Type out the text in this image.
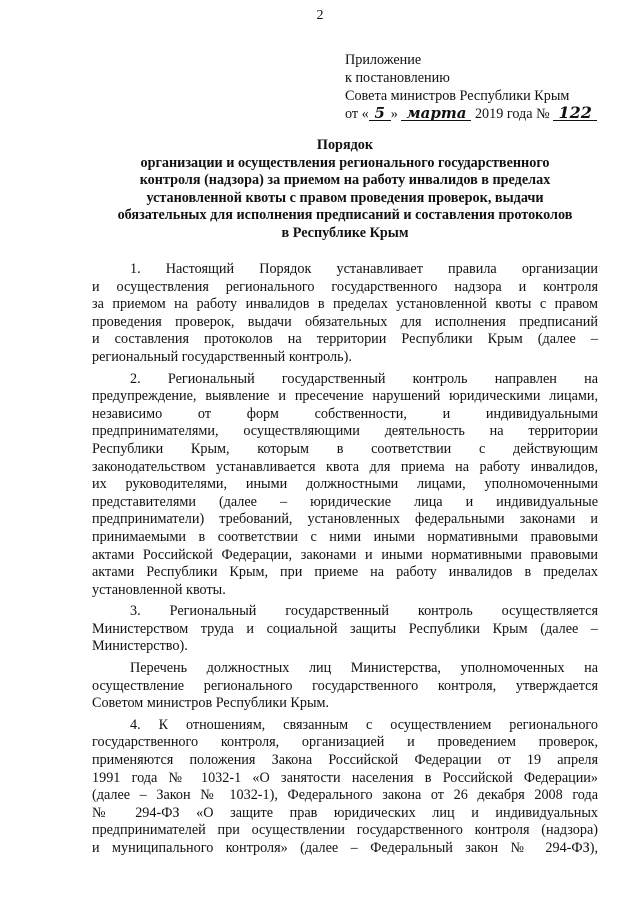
2
Приложение
к постановлению
Совета министров Республики Крым
от « 5 » марта 2019 года № 122
Порядок
организации и осуществления регионального государственного
контроля (надзора) за приемом на работу инвалидов в пределах
установленной квоты с правом проведения проверок, выдачи
обязательных для исполнения предписаний и составления протоколов
в Республике Крым
1. Настоящий Порядок устанавливает правила организации
и осуществления регионального государственного надзора и контроля
за приемом на работу инвалидов в пределах установленной квоты с правом
проведения проверок, выдачи обязательных для исполнения предписаний
и составления протоколов на территории Республики Крым (далее –
региональный государственный контроль).
2. Региональный государственный контроль направлен на
предупреждение, выявление и пресечение нарушений юридическими лицами,
независимо от форм собственности, и индивидуальными
предпринимателями, осуществляющими деятельность на территории
Республики Крым, которым в соответствии с действующим
законодательством устанавливается квота для приема на работу инвалидов,
их руководителями, иными должностными лицами, уполномоченными
представителями (далее – юридические лица и индивидуальные
предприниматели) требований, установленных федеральными законами и
принимаемыми в соответствии с ними иными нормативными правовыми
актами Российской Федерации, законами и иными нормативными правовыми
актами Республики Крым, при приеме на работу инвалидов в пределах
установленной квоты.
3. Региональный государственный контроль осуществляется
Министерством труда и социальной защиты Республики Крым (далее –
Министерство).
Перечень должностных лиц Министерства, уполномоченных на
осуществление регионального государственного контроля, утверждается
Советом министров Республики Крым.
4. К отношениям, связанным с осуществлением регионального
государственного контроля, организацией и проведением проверок,
применяются положения Закона Российской Федерации от 19 апреля
1991 года № 1032-1 «О занятости населения в Российской Федерации»
(далее – Закон № 1032-1), Федерального закона от 26 декабря 2008 года
№ 294-ФЗ «О защите прав юридических лиц и индивидуальных
предпринимателей при осуществлении государственного контроля (надзора)
и муниципального контроля» (далее – Федеральный закон № 294-ФЗ),
